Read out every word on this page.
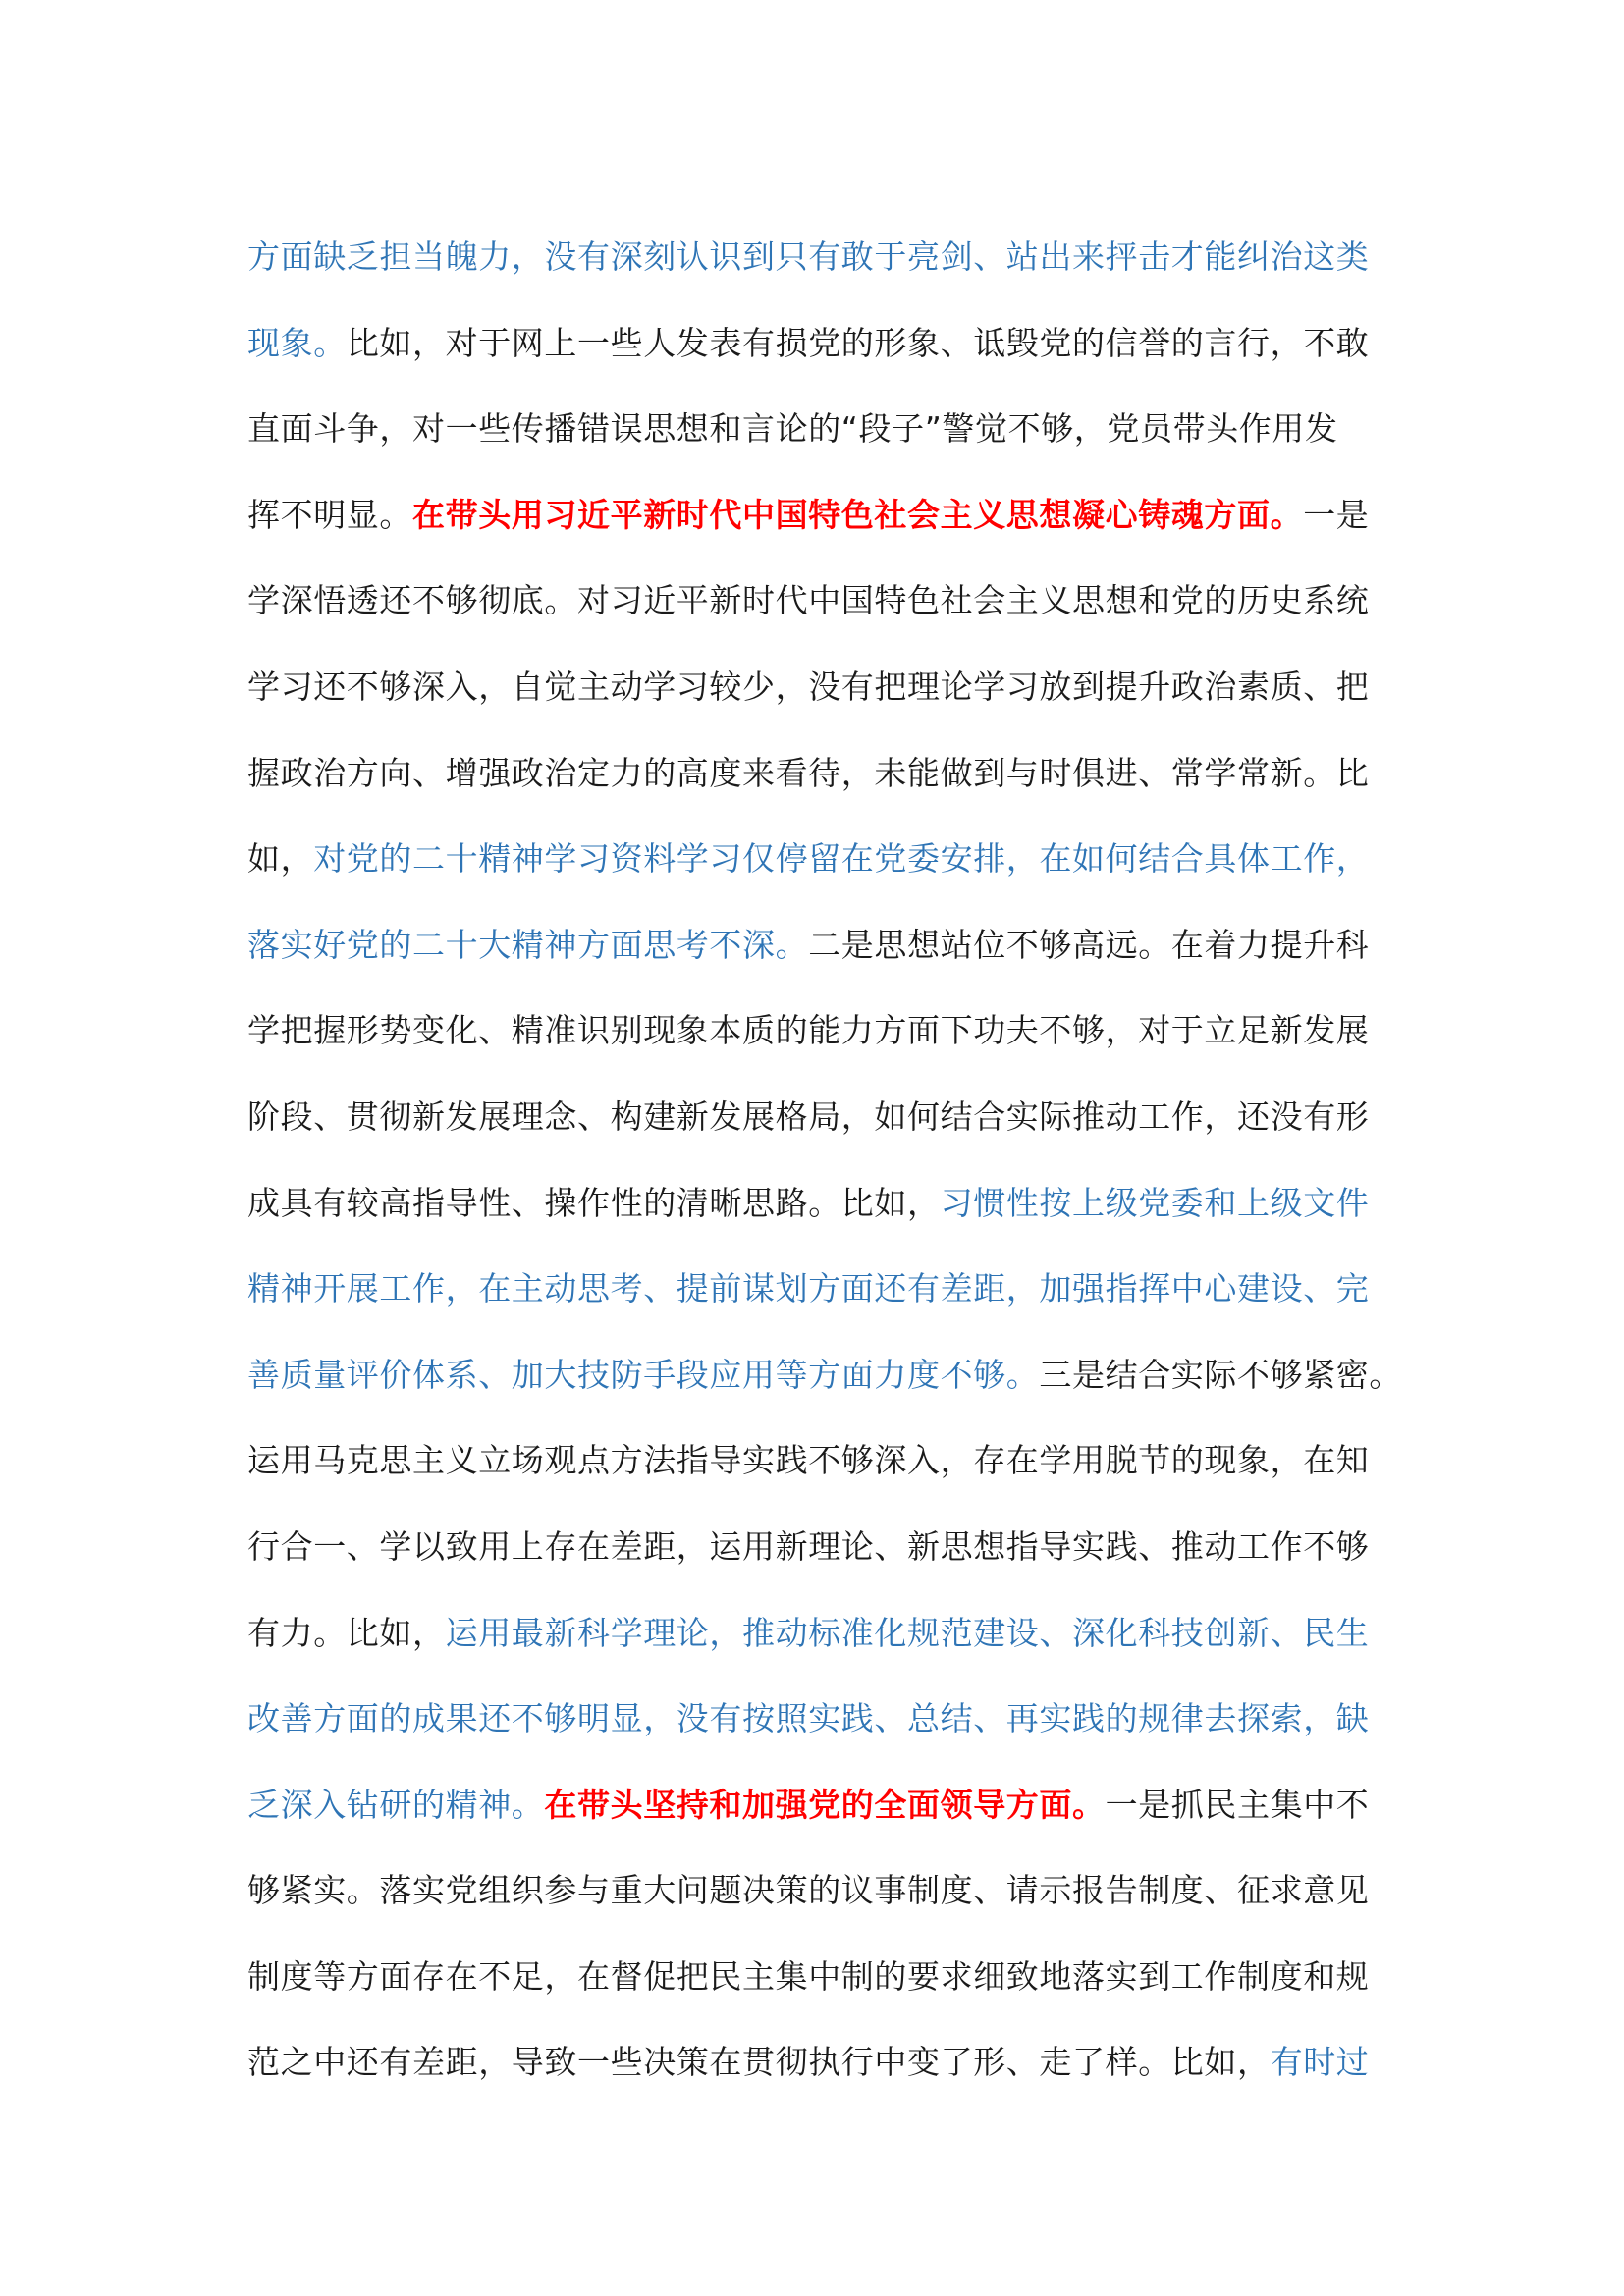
方面缺乏担当魄力，没有深刻认识到只有敢于亮剑、站出来抨击才能纠治这类
现象。比如，对于网上一些人发表有损党的形象、诋毁党的信誉的言行，不敢
直面斗争，对一些传播错误思想和言论的“段子”警觉不够，党员带头作用发
挥不明显。在带头用习近平新时代中国特色社会主义思想凝心铸魂方面。一是
学深悟透还不够彻底。对习近平新时代中国特色社会主义思想和党的历史系统
学习还不够深入，自觉主动学习较少，没有把理论学习放到提升政治素质、把
握政治方向、增强政治定力的高度来看待，未能做到与时俱进、常学常新。比
如，对党的二十精神学习资料学习仅停留在党委安排，在如何结合具体工作，
落实好党的二十大精神方面思考不深。二是思想站位不够高远。在着力提升科
学把握形势变化、精准识别现象本质的能力方面下功夫不够，对于立足新发展
阶段、贯彻新发展理念、构建新发展格局，如何结合实际推动工作，还没有形
成具有较高指导性、操作性的清晰思路。比如，习惯性按上级党委和上级文件
精神开展工作，在主动思考、提前谋划方面还有差距，加强指挥中心建设、完
善质量评价体系、加大技防手段应用等方面力度不够。三是结合实际不够紧密。
运用马克思主义立场观点方法指导实践不够深入，存在学用脱节的现象，在知
行合一、学以致用上存在差距，运用新理论、新思想指导实践、推动工作不够
有力。比如，运用最新科学理论，推动标准化规范建设、深化科技创新、民生
改善方面的成果还不够明显，没有按照实践、总结、再实践的规律去探索，缺
乏深入钻研的精神。在带头坚持和加强党的全面领导方面。一是抓民主集中不
够紧实。落实党组织参与重大问题决策的议事制度、请示报告制度、征求意见
制度等方面存在不足，在督促把民主集中制的要求细致地落实到工作制度和规
范之中还有差距，导致一些决策在贯彻执行中变了形、走了样。比如，有时过
